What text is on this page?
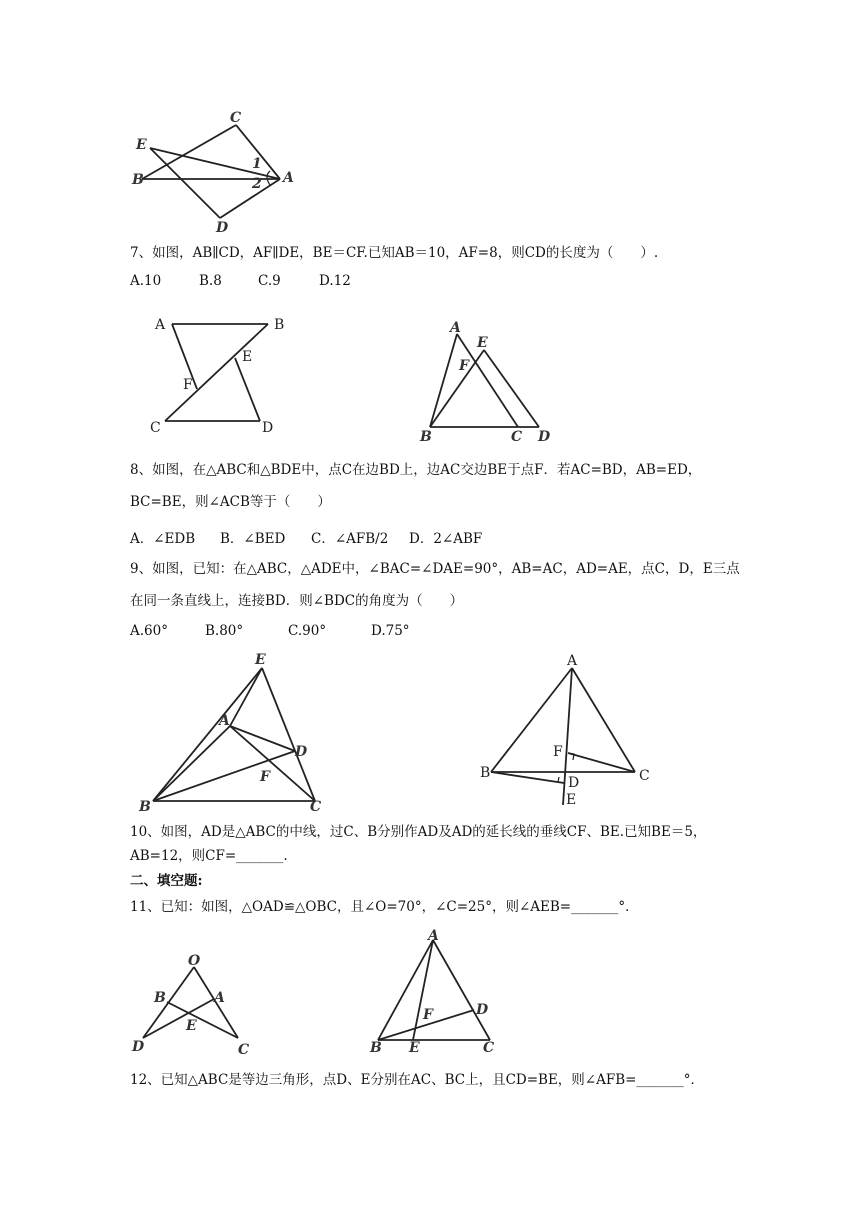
C
E
1
B	2 A
D
7、如图，AB∥CD，AF∥DE，BE＝CF.已知AB＝10，AF=8，则CD的长度为（　　）.
A.10	B.8	C.9	D.12
A	B
E
F
C	D
A
E
F
B	C D
8、如图，在△ABC和△BDE中，点C在边BD上，边AC交边BE于点F．若AC=BD，AB=ED，
BC=BE，则∠ACB等于（　　）
A．∠EDB B．∠BED C．∠AFB/2 D．2∠ABF
9、如图，已知：在△ABC，△ADE中，∠BAC=∠DAE=90°，AB=AC，AD=AE，点C，D，E三点
在同一条直线上，连接BD．则∠BDC的角度为（　　）
A.60°	B.80°	C.90°	D.75°
E
A
D
F
B	C
A
F
B
D	C
E
10、如图，AD是△ABC的中线，过C、B分别作AD及AD的延长线的垂线CF、BE.已知BE＝5，
AB=12，则CF=_______.
二、填空题:
11、已知：如图，△OAD≌△OBC，且∠O=70°，∠C=25°，则∠AEB=_______°．
O
B	A
E
D	C
A
D
F
B E	C
12、已知△ABC是等边三角形，点D、E分别在AC、BC上，且CD=BE，则∠AFB=_______°．
